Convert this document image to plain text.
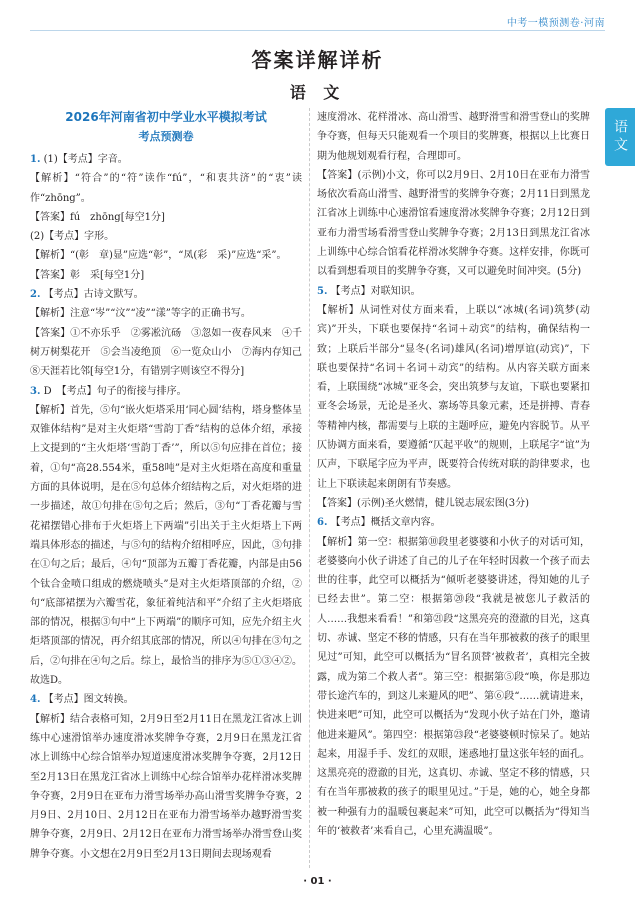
中考一模预测卷·河南
答案详解详析
语 文
语文
2026年河南省初中学业水平模拟考试
考点预测卷

1. (1)【考点】字音。

【解析】“符合”的“符”读作“fú”，“和衷共济”的“衷”读作“zhōng”。

【答案】fú　zhōng[每空1分]

(2)【考点】字形。

【解析】“(彰　章)显”应选“彰”，“凤(彩　采)”应选“采”。

【答案】彰　采[每空1分]

2. 【考点】古诗文默写。

【解析】注意“岑”“汶”“凌”“漾”等字的正确书写。

【答案】①不亦乐乎　②雾凇沆砀　③忽如一夜春风来　④千树万树梨花开　⑤会当凌绝顶　⑥一览众山小　⑦海内存知己　⑧天涯若比邻[每空1分，有错别字则该空不得分]

3. D　【考点】句子的衔接与排序。

【解析】首先，⑤句“嵌火炬塔采用‘同心圆’结构，塔身整体呈双锥体结构”是对主火炬塔“雪韵丁香”结构的总体介绍，承接上文提到的“主火炬塔‘雪韵丁香’”，所以⑤句应排在首位；接着，①句“高28.554米，重58吨”是对主火炬塔在高度和重量方面的具体说明，是在⑤句总体介绍结构之后，对火炬塔的进一步描述，故①句排在⑤句之后；然后，③句“丁香花瓣与雪花裙摆错心排布于火炬塔上下两端”引出关于主火炬塔上下两端具体形态的描述，与⑤句的结构介绍相呼应，因此，③句排在①句之后；最后，④句“顶部为五瓣丁香花瓣，内部是由56个钛合金喷口组成的燃烧喷头”是对主火炬塔顶部的介绍，②句“底部裙摆为六瓣雪花，象征着纯洁和平”介绍了主火炬塔底部的情况，根据③句中“上下两端”的顺序可知，应先介绍主火炬塔顶部的情况，再介绍其底部的情况，所以④句排在③句之后，②句排在④句之后。综上，最恰当的排序为⑤①③④②。故选D。

4. 【考点】图文转换。

【解析】结合表格可知，2月9日至2月11日在黑龙江省冰上训练中心速滑馆举办速度滑冰奖牌争夺赛，2月9日在黑龙江省冰上训练中心综合馆举办短道速度滑冰奖牌争夺赛，2月12日至2月13日在黑龙江省冰上训练中心综合馆举办花样滑冰奖牌争夺赛，2月9日在亚布力滑雪场举办高山滑雪奖牌争夺赛，2月9日、2月10日、2月12日在亚布力滑雪场举办越野滑雪奖牌争夺赛，2月9日、2月12日在亚布力滑雪场举办滑雪登山奖牌争夺赛。小文想在2月9日至2月13日期间去现场观看

速度滑冰、花样滑冰、高山滑雪、越野滑雪和滑雪登山的奖牌争夺赛，但每天只能观看一个项目的奖牌赛，根据以上比赛日期为他规划观看行程，合理即可。

【答案】(示例)小文，你可以2月9日、2月10日在亚布力滑雪场依次看高山滑雪、越野滑雪的奖牌争夺赛；2月11日到黑龙江省冰上训练中心速滑馆看速度滑冰奖牌争夺赛；2月12日到亚布力滑雪场看滑雪登山奖牌争夺赛；2月13日到黑龙江省冰上训练中心综合馆看花样滑冰奖牌争夺赛。这样安排，你既可以看到想看项目的奖牌争夺赛，又可以避免时间冲突。(5分)

5. 【考点】对联知识。

【解析】从词性对仗方面来看，上联以“冰城(名词)筑梦(动宾)”开头，下联也要保持“名词＋动宾”的结构，确保结构一致；上联后半部分“显冬(名词)雄风(名词)增厚谊(动宾)”，下联也要保持“名词＋名词＋动宾”的结构。从内容关联方面来看，上联围绕“冰城”亚冬会，突出筑梦与友谊，下联也要紧扣亚冬会场景，无论是圣火、寨场等具象元素，还是拼搏、青春等精神内核，都需要与上联的主题呼应，避免内容脱节。从平仄协调方面来看，要遵循“仄起平收”的规则，上联尾字“谊”为仄声，下联尾字应为平声，既要符合传统对联的韵律要求，也让上下联读起来朗朗有节奏感。

【答案】(示例)圣火燃情，健儿锐志展宏图(3分)

6. 【考点】概括文章内容。

【解析】第一空：根据第⑩段里老婆婆和小伙子的对话可知，老婆婆向小伙子讲述了自己的儿子在年轻时因救一个孩子而去世的往事，此空可以概括为“倾听老婆婆讲述，得知她的儿子已经去世”。第二空：根据第⑳段“我就是被您儿子救活的人……我想来看看！”和第㉑段“这黑亮亮的澄澈的目光，这真切、赤诚、坚定不移的情感，只有在当年那被救的孩子的眼里见过”可知，此空可以概括为“冒名顶替‘被救者’，真相完全披露，成为第二个救人者”。第三空：根据第⑤段“唤，你是那边带长途汽车的，到这儿来避风的吧”、第⑥段“……就请进来，快进来吧”可知，此空可以概括为“发现小伙子站在门外，邀请他进来避风”。第四空：根据第㉓段“老婆婆顿时惊呆了。她站起来，用湿手手、发红的双眼，迷惑地打量这张年轻的面孔。这黑亮亮的澄澈的目光，这真切、赤诚、坚定不移的情感，只有在当年那被救的孩子的眼里见过。”于是，她的心，她全身都被一种强有力的温暖包裹起来”可知，此空可以概括为“得知当年的‘被救者’来看自己，心里充满温暖”。

· 01 ·
